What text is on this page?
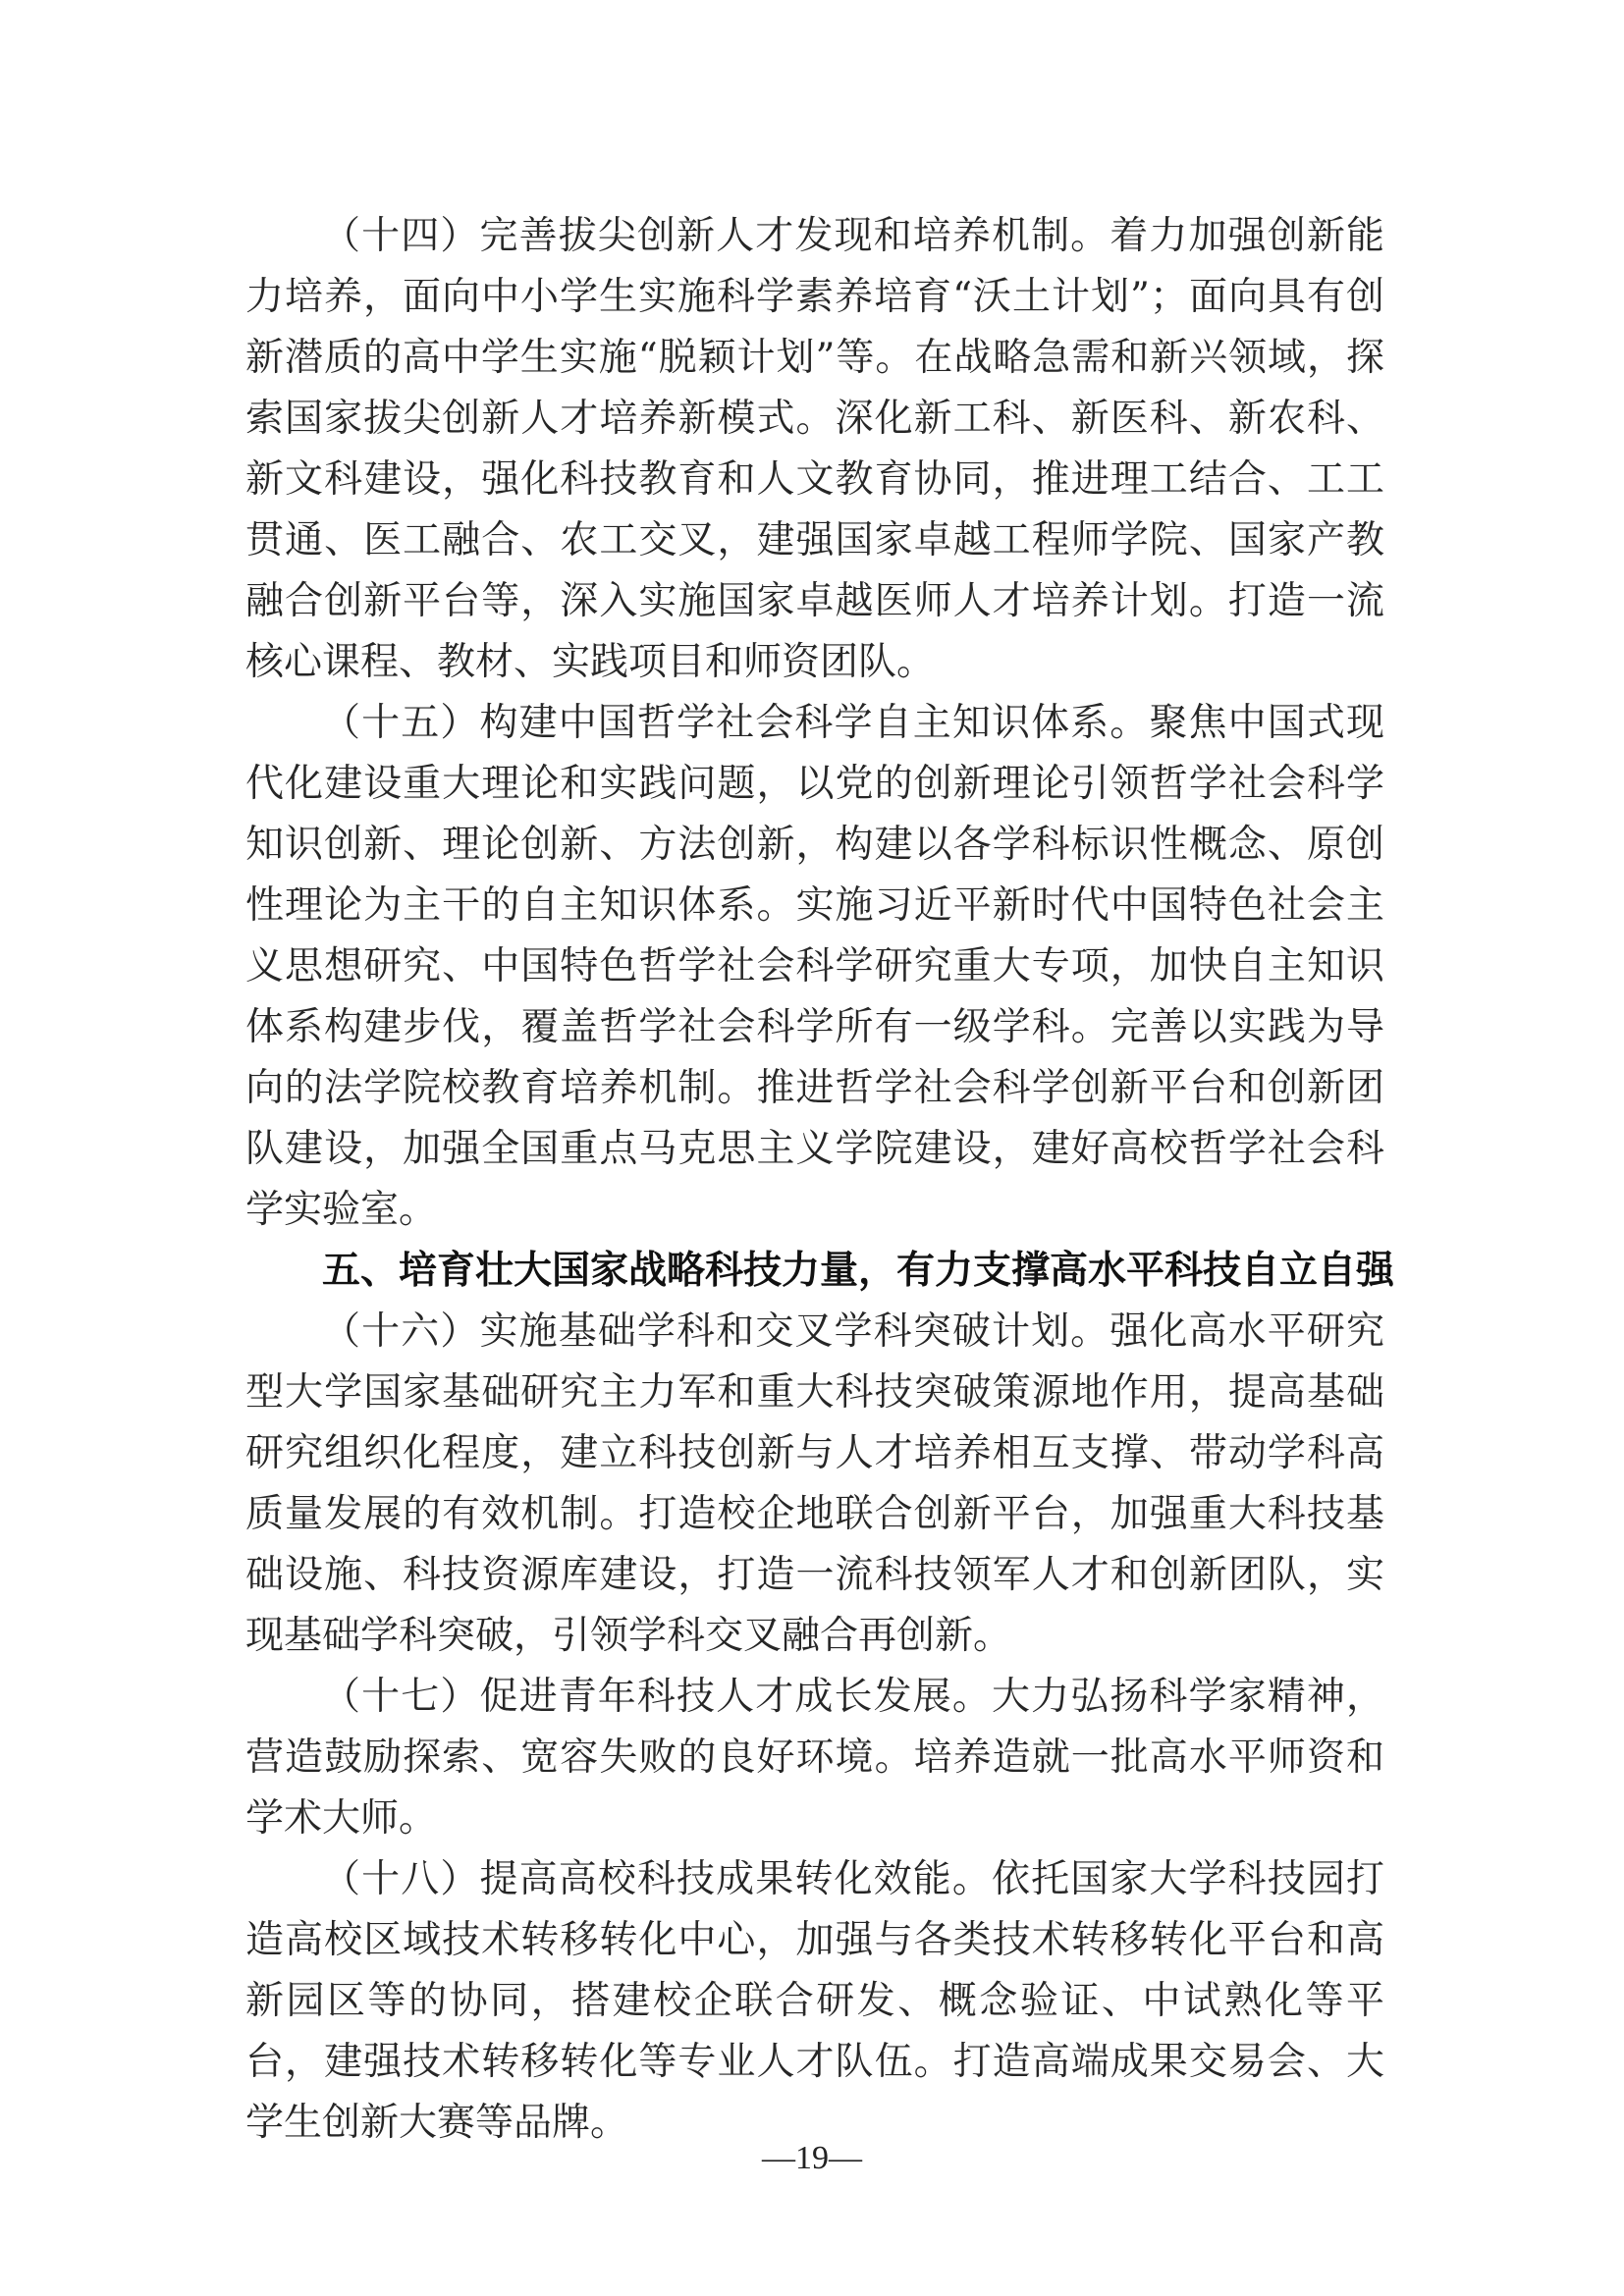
（十四）完善拔尖创新人才发现和培养机制。着力加强创新能力培养，面向中小学生实施科学素养培育“沃土计划”；面向具有创新潜质的高中学生实施“脱颖计划”等。在战略急需和新兴领域，探索国家拔尖创新人才培养新模式。深化新工科、新医科、新农科、新文科建设，强化科技教育和人文教育协同，推进理工结合、工工贯通、医工融合、农工交叉，建强国家卓越工程师学院、国家产教融合创新平台等，深入实施国家卓越医师人才培养计划。打造一流核心课程、教材、实践项目和师资团队。

（十五）构建中国哲学社会科学自主知识体系。聚焦中国式现代化建设重大理论和实践问题，以党的创新理论引领哲学社会科学知识创新、理论创新、方法创新，构建以各学科标识性概念、原创性理论为主干的自主知识体系。实施习近平新时代中国特色社会主义思想研究、中国特色哲学社会科学研究重大专项，加快自主知识体系构建步伐，覆盖哲学社会科学所有一级学科。完善以实践为导向的法学院校教育培养机制。推进哲学社会科学创新平台和创新团队建设，加强全国重点马克思主义学院建设，建好高校哲学社会科学实验室。

五、培育壮大国家战略科技力量，有力支撑高水平科技自立自强

（十六）实施基础学科和交叉学科突破计划。强化高水平研究型大学国家基础研究主力军和重大科技突破策源地作用，提高基础研究组织化程度，建立科技创新与人才培养相互支撑、带动学科高质量发展的有效机制。打造校企地联合创新平台，加强重大科技基础设施、科技资源库建设，打造一流科技领军人才和创新团队，实现基础学科突破，引领学科交叉融合再创新。

（十七）促进青年科技人才成长发展。大力弘扬科学家精神，营造鼓励探索、宽容失败的良好环境。培养造就一批高水平师资和学术大师。

（十八）提高高校科技成果转化效能。依托国家大学科技园打造高校区域技术转移转化中心，加强与各类技术转移转化平台和高新园区等的协同，搭建校企联合研发、概念验证、中试熟化等平台，建强技术转移转化等专业人才队伍。打造高端成果交易会、大学生创新大赛等品牌。

—19—
